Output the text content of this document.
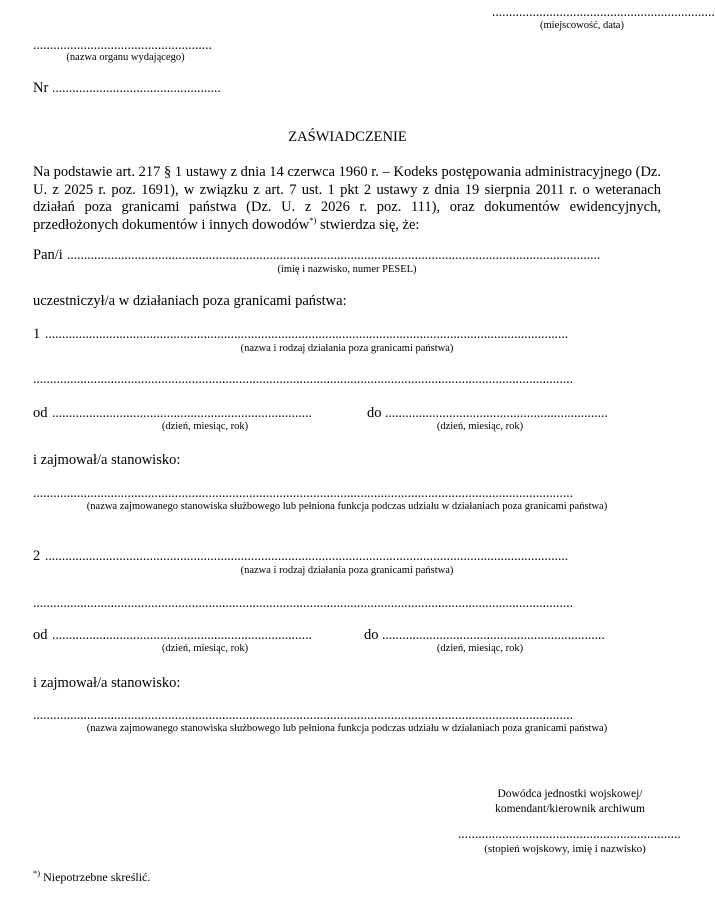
..................................................................
(miejscowość, data)
.....................................................
(nazwa organu wydającego)
Nr ..................................................
ZAŚWIADCZENIE
Na podstawie art. 217 § 1 ustawy z dnia 14 czerwca 1960 r. – Kodeks postępowania administracyjnego (Dz. U. z 2025 r. poz. 1691), w związku z art. 7 ust. 1 pkt 2 ustawy z dnia 19 sierpnia 2011 r. o weteranach działań poza granicami państwa (Dz. U. z 2026 r. poz. 111), oraz dokumentów ewidencyjnych, przedłożonych dokumentów i innych dowodów*) stwierdza się, że:
Pan/i ..............................................................................................................................................................
(imię i nazwisko, numer PESEL)
uczestniczył/a w działaniach poza granicami państwa:
1 ...........................................................................................................................................................
(nazwa i rodzaj działania poza granicami państwa)
................................................................................................................................................................
od .............................................................................
(dzień, miesiąc, rok)
do ..................................................................
(dzień, miesiąc, rok)
i zajmował/a stanowisko:
................................................................................................................................................................
(nazwa zajmowanego stanowiska służbowego lub pełniona funkcja podczas udziału w działaniach poza granicami państwa)
2 ...........................................................................................................................................................
(nazwa i rodzaj działania poza granicami państwa)
................................................................................................................................................................
od .............................................................................
(dzień, miesiąc, rok)
do ..................................................................
(dzień, miesiąc, rok)
i zajmował/a stanowisko:
................................................................................................................................................................
(nazwa zajmowanego stanowiska służbowego lub pełniona funkcja podczas udziału w działaniach poza granicami państwa)
Dowódca jednostki wojskowej/
komendant/kierownik archiwum
..................................................................
(stopień wojskowy, imię i nazwisko)
*) Niepotrzebne skreślić.
